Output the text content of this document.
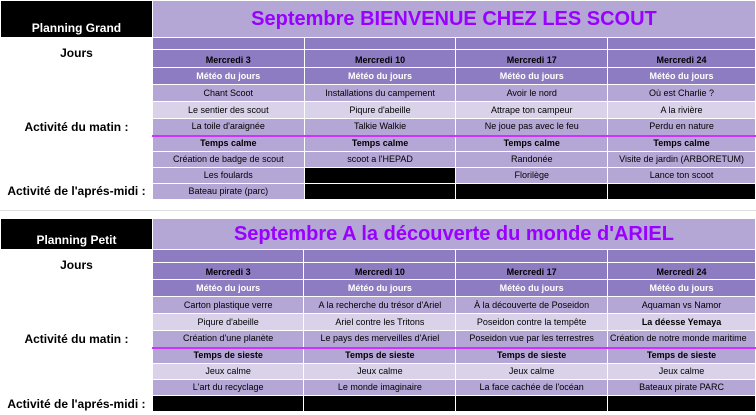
Planning Grand	Septembre BIENVENUE CHEZ LES SCOUT			
Jours				
	Mercredi 3	Mercredi 10	Mercredi 17	Mercredi 24
Activité du matin :	Météo du jours	Météo du jours	Météo du jours	Météo du jours
	Chant Scoot	Installations du campement	Avoir le nord	Où est Charlie ?
	Le sentier des scout	Piqure d'abeille	Attrape ton campeur	A la rivière
	La toile d'araignée	Talkie Walkie	Ne joue pas avec le feu	Perdu en nature
Activité de l'aprés-midi :	Temps calme	Temps calme	Temps calme	Temps calme
	Création de badge de scout	scoot a l'HEPAD	Randonée	Visite de jardin (ARBORETUM)
	Les foulards		Florilège	Lance ton scoot
	Bateau pirate (parc)			
Planning Petit	Septembre A la découverte du monde d'ARIEL			
Jours				
	Mercredi 3	Mercredi 10	Mercredi 17	Mercredi 24
Activité du matin :	Météo du jours	Météo du jours	Météo du jours	Météo du jours
	Carton plastique verre	A la recherche du trésor d'Ariel	À la découverte de Poseidon	Aquaman vs Namor
	Piqure d'abeille	Ariel contre les Tritons	Poseidon contre la tempête	La déesse Yemaya
	Création d'une planète	Le pays des merveilles d'Ariel	Poseidon vue par les terrestres	Création de notre monde maritime
Activité de l'aprés-midi :	Temps de sieste	Temps de sieste	Temps de sieste	Temps de sieste
	Jeux calme	Jeux calme	Jeux calme	Jeux calme
	L'art du recyclage	Le monde imaginaire	La face cachée de l'océan	Bateaux pirate PARC
